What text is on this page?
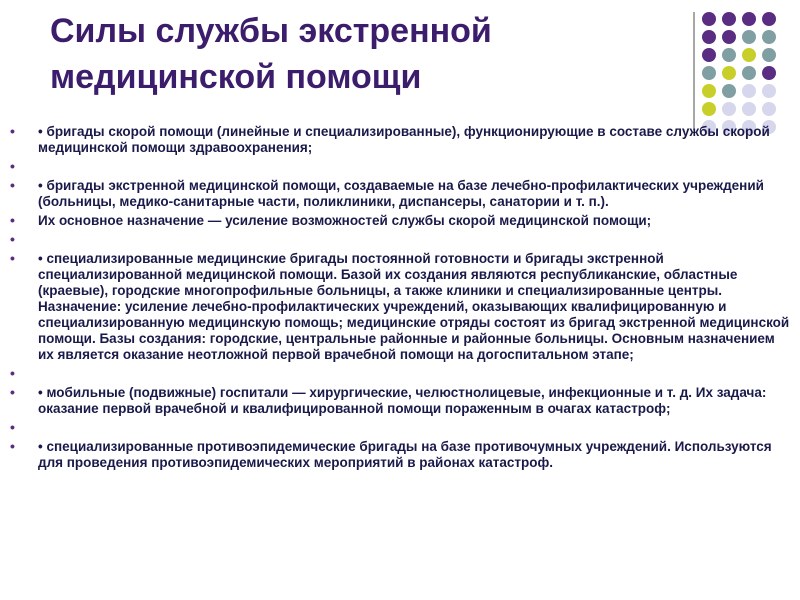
Силы службы экстренной
медицинской помощи
• • бригады скорой помощи (линейные и специализированные), функционирующие в составе службы скорой медицинской помощи здравоохранения;
•
• • бригады экстренной медицинской помощи, создаваемые на базе лечебно-профилактических учреждений (больницы, медико-санитарные части, поликлиники, диспансеры, санатории и т. п.).
• Их основное назначение — усиление возможностей службы скорой медицинской помощи;
•
• • специализированные медицинские бригады постоянной готовности и бригады экстренной специализированной медицинской помощи. Базой их создания являются республиканские, областные (краевые), городские многопрофильные больницы, а также клиники и специализированные центры. Назначение: усиление лечебно-профилактических учреждений, оказывающих квалифицированную и специализированную медицинскую помощь; медицинские отряды состоят из бригад экстренной медицинской помощи. Базы создания: городские, центральные районные и районные больницы. Основным назначением их является оказание неотложной первой врачебной помощи на догоспитальном этапе;
•
• • мобильные (подвижные) госпитали — хирургические, челюстнолицевые, инфекционные и т. д. Их задача: оказание первой врачебной и квалифицированной помощи пораженным в очагах катастроф;
•
• • специализированные противоэпидемические бригады на базе противочумных учреждений. Используются для проведения противоэпидемических мероприятий в районах катастроф.
